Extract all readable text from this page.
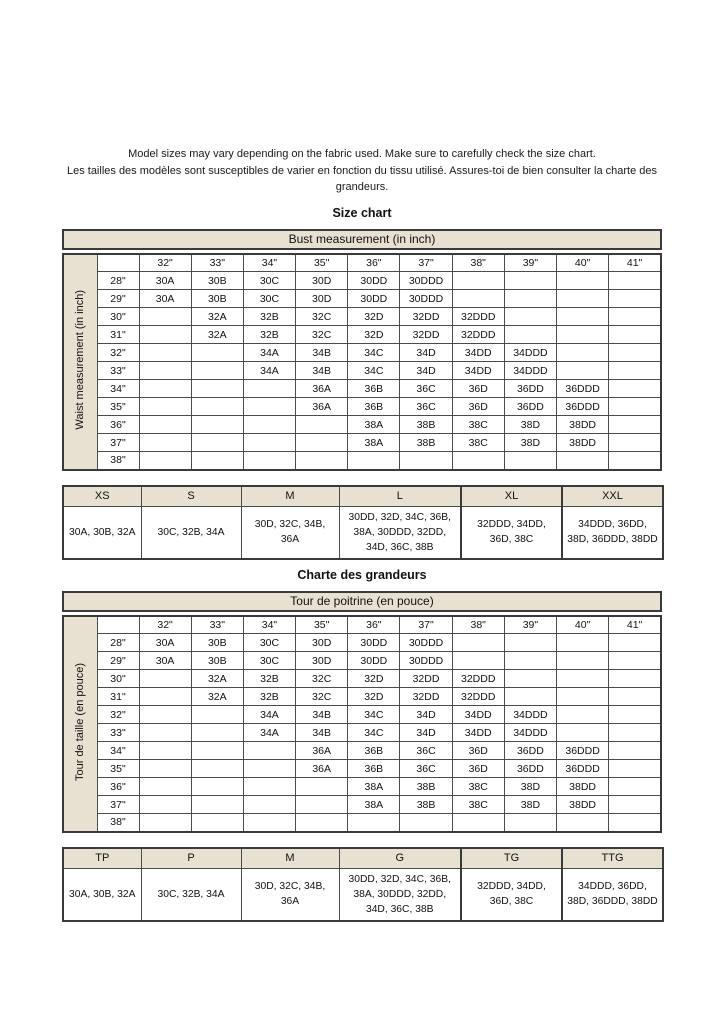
Model sizes may vary depending on the fabric used. Make sure to carefully check the size chart.

Les tailles des modèles sont susceptibles de varier en fonction du tissu utilisé. Assures-toi de bien consulter la charte des grandeurs.

Size chart
Bust measurement (in inch)
Waist measurement (in inch)		32"	33"	34"	35"	36"	37"	38"	39"	40"	41"
	28"	30A	30B	30C	30D	30DD	30DDD				
	29"	30A	30B	30C	30D	30DD	30DDD				
	30"		32A	32B	32C	32D	32DD	32DDD			
	31"		32A	32B	32C	32D	32DD	32DDD			
	32"			34A	34B	34C	34D	34DD	34DDD		
	33"			34A	34B	34C	34D	34DD	34DDD		
	34"				36A	36B	36C	36D	36DD	36DDD	
	35"				36A	36B	36C	36D	36DD	36DDD	
	36"					38A	38B	38C	38D	38DD	
	37"					38A	38B	38C	38D	38DD	
	38"										
XS	S	M	L	XL	XXL
30A, 30B, 32A	30C, 32B, 34A	30D, 32C, 34B, 36A	30DD, 32D, 34C, 36B, 38A, 30DDD, 32DD, 34D, 36C, 38B	32DDD, 34DD, 36D, 38C	34DDD, 36DD, 38D, 36DDD, 38DD
Charte des grandeurs
Tour de poitrine (en pouce)
Tour de taille (en pouce)		32"	33"	34"	35"	36"	37"	38"	39"	40"	41"
	28"	30A	30B	30C	30D	30DD	30DDD				
	29"	30A	30B	30C	30D	30DD	30DDD				
	30"		32A	32B	32C	32D	32DD	32DDD			
	31"		32A	32B	32C	32D	32DD	32DDD			
	32"			34A	34B	34C	34D	34DD	34DDD		
	33"			34A	34B	34C	34D	34DD	34DDD		
	34"				36A	36B	36C	36D	36DD	36DDD	
	35"				36A	36B	36C	36D	36DD	36DDD	
	36"					38A	38B	38C	38D	38DD	
	37"					38A	38B	38C	38D	38DD	
	38"										
TP	P	M	G	TG	TTG
30A, 30B, 32A	30C, 32B, 34A	30D, 32C, 34B, 36A	30DD, 32D, 34C, 36B, 38A, 30DDD, 32DD, 34D, 36C, 38B	32DDD, 34DD, 36D, 38C	34DDD, 36DD, 38D, 36DDD, 38DD
